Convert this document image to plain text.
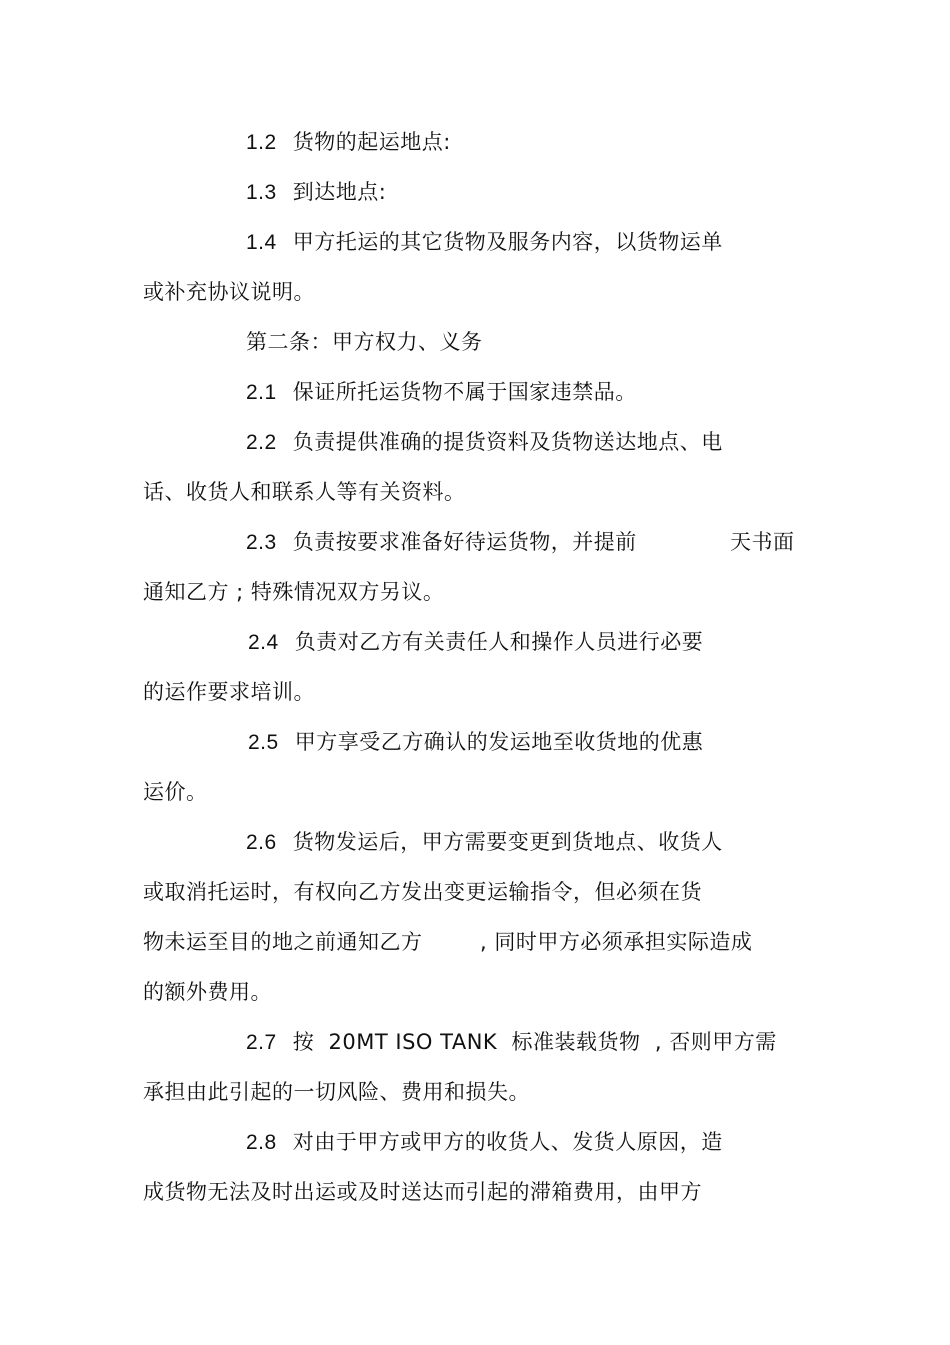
1.2 货物的起运地点:
1.3 到达地点:
1.4 甲方托运的其它货物及服务内容，以货物运单
或补充协议说明。
第二条：甲方权力、义务
2.1 保证所托运货物不属于国家违禁品。
2.2 负责提供准确的提货资料及货物送达地点、电
话、收货人和联系人等有关资料。
2.3 负责按要求准备好待运货物，并提前	天书面
通知乙方 ; 特殊情况双方另议。
2.4 负责对乙方有关责任人和操作人员进行必要
的运作要求培训。
2.5 甲方享受乙方确认的发运地至收货地的优惠
运价。
2.6 货物发运后，甲方需要变更到货地点、收货人
或取消托运时，有权向乙方发出变更运输指令，但必须在货
物未运至目的地之前通知乙方	, 同时甲方必须承担实际造成
的额外费用。
2.7 按  20MT ISO TANK  标准装载货物  , 否则甲方需
承担由此引起的一切风险、费用和损失。
2.8 对由于甲方或甲方的收货人、发货人原因，造
成货物无法及时出运或及时送达而引起的滞箱费用，由甲方
